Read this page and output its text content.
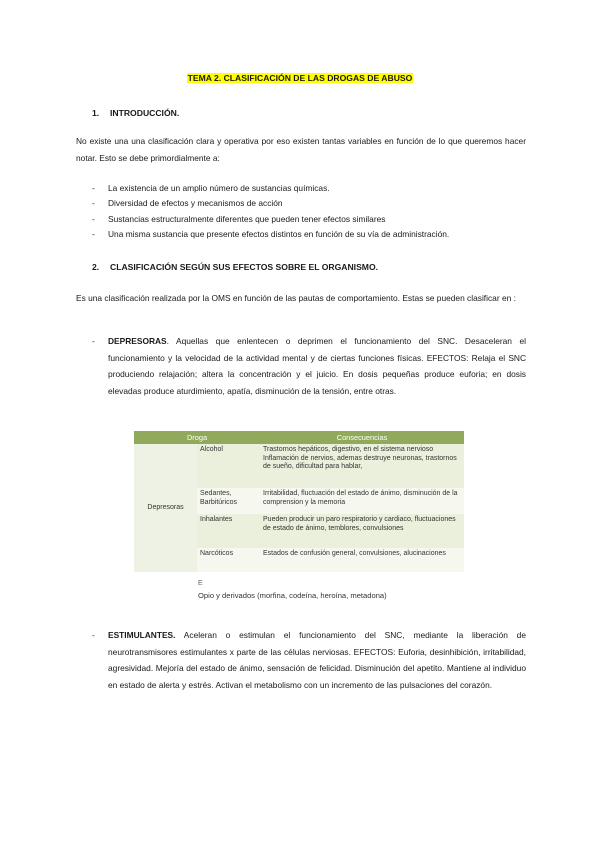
TEMA 2. CLASIFICACIÓN DE LAS DROGAS DE ABUSO
1. INTRODUCCIÓN.
No existe una una clasificación clara y operativa por eso existen tantas variables en función de lo que queremos hacer notar. Esto se debe primordialmente a:
- La existencia de un amplio número de sustancias químicas.
- Diversidad de efectos y mecanismos de acción
- Sustancias estructuralmente diferentes que pueden tener efectos similares
- Una misma sustancia que presente efectos distintos en función de su vía de administración.
2. CLASIFICACIÓN SEGÚN SUS EFECTOS SOBRE EL ORGANISMO.
Es una clasificación realizada por la OMS en función de las pautas de comportamiento. Estas se pueden clasificar en :
- DEPRESORAS. Aquellas que enlentecen o deprimen el funcionamiento del SNC. Desaceleran el funcionamiento y la velocidad de la actividad mental y de ciertas funciones físicas. EFECTOS: Relaja el SNC produciendo relajación; altera la concentración y el juicio. En dosis pequeñas produce euforia; en dosis elevadas produce aturdimiento, apatía, disminución de la tensión, entre otras.
Droga		Consecuencias
Depresoras	Alcohol	Trastornos hepáticos, digestivo, en el sistema nervioso Inflamación de nervios, ademas destruye neuronas, trastornos de sueño, dificultad para hablar,
	Sedantes, Barbitúricos	Irritabilidad, fluctuación del estado de ánimo, disminución de la comprension y la memoria
	Inhalantes	Pueden producir un paro respiratorio y cardiaco, fluctuaciones de estado de ánimo, temblores, convulsiones
	Narcóticos	Estados de confusión general, convulsiones, alucinaciones
E
Opio y derivados (morfina, codeína, heroína, metadona)
- ESTIMULANTES. Aceleran o estimulan el funcionamiento del SNC, mediante la liberación de neurotransmisores estimulantes x parte de las células nerviosas. EFECTOS: Euforia, desinhibición, irritabilidad, agresividad. Mejoría del estado de ánimo, sensación de felicidad. Disminución del apetito. Mantiene al individuo en estado de alerta y estrés. Activan el metabolismo con un incremento de las pulsaciones del corazón.
